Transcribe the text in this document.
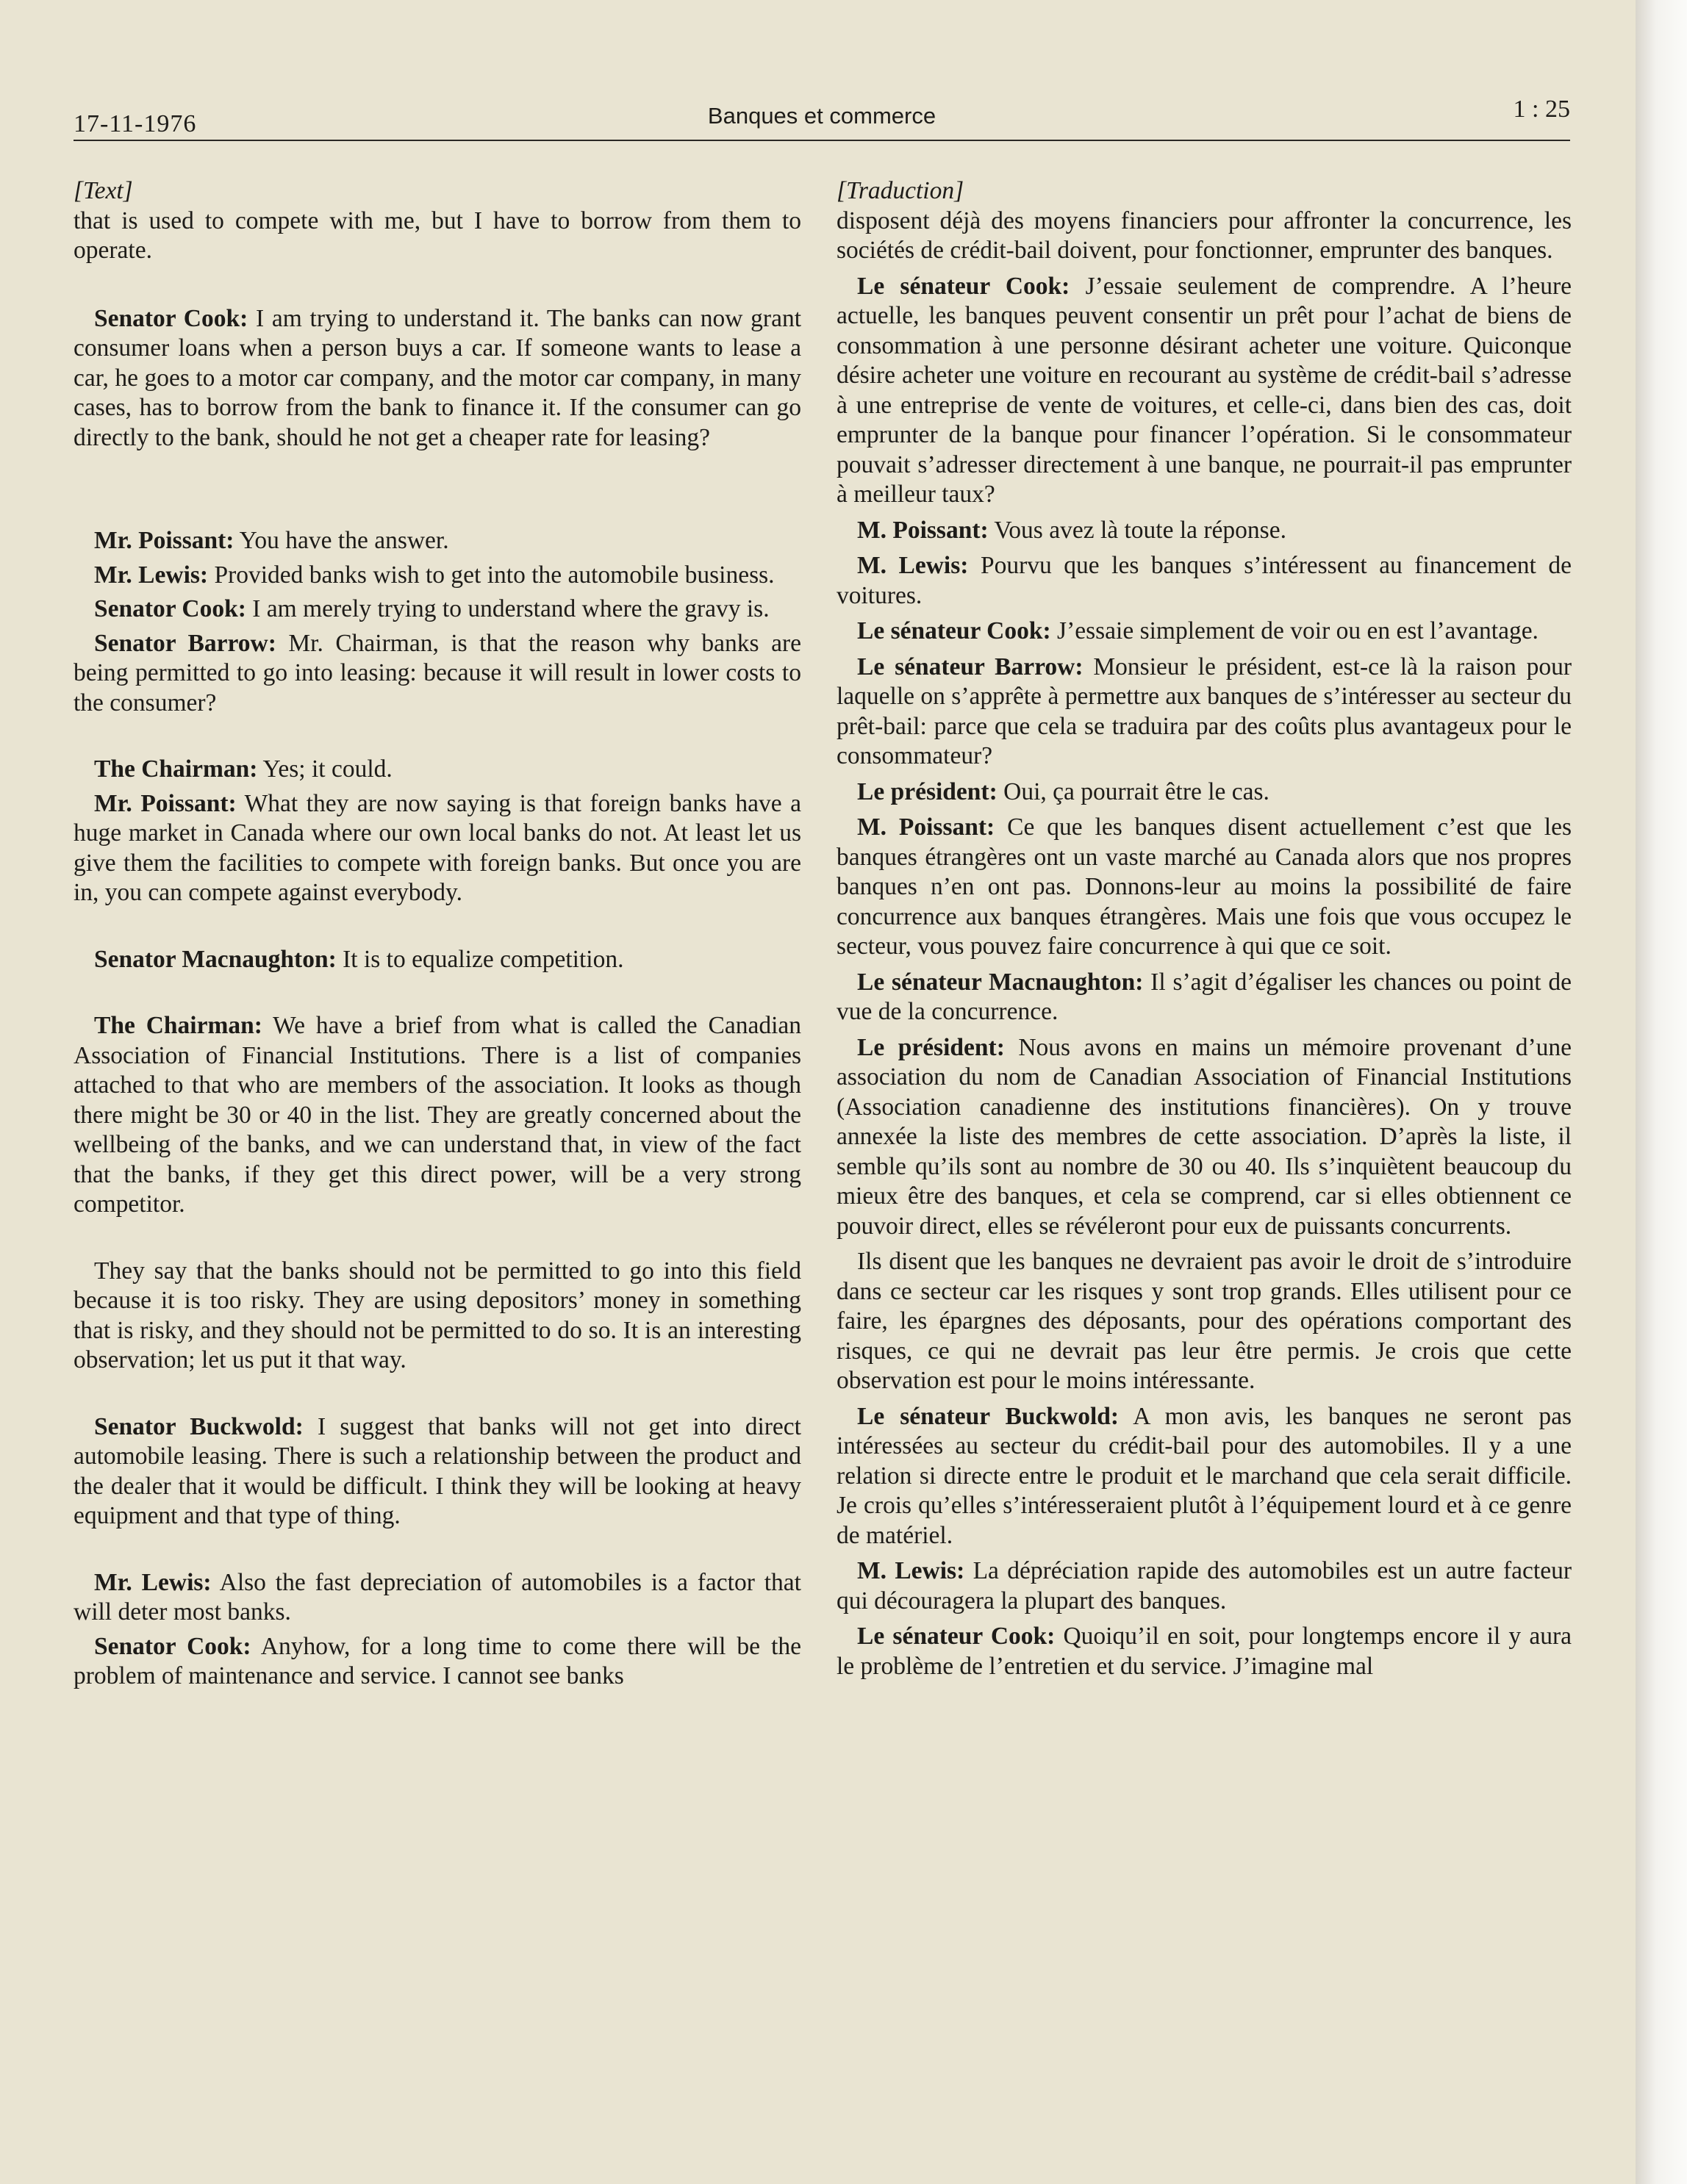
17-11-1976	Banques et commerce	1 : 25
[Text]

that is used to compete with me, but I have to borrow from them to operate.

Senator Cook: I am trying to understand it. The banks can now grant consumer loans when a person buys a car. If someone wants to lease a car, he goes to a motor car company, and the motor car company, in many cases, has to borrow from the bank to finance it. If the consumer can go directly to the bank, should he not get a cheaper rate for leasing?

Mr. Poissant: You have the answer.

Mr. Lewis: Provided banks wish to get into the automobile business.

Senator Cook: I am merely trying to understand where the gravy is.

Senator Barrow: Mr. Chairman, is that the reason why banks are being permitted to go into leasing: because it will result in lower costs to the consumer?

The Chairman: Yes; it could.

Mr. Poissant: What they are now saying is that foreign banks have a huge market in Canada where our own local banks do not. At least let us give them the facilities to compete with foreign banks. But once you are in, you can compete against everybody.

Senator Macnaughton: It is to equalize competition.

The Chairman: We have a brief from what is called the Canadian Association of Financial Institutions. There is a list of companies attached to that who are members of the association. It looks as though there might be 30 or 40 in the list. They are greatly concerned about the wellbeing of the banks, and we can understand that, in view of the fact that the banks, if they get this direct power, will be a very strong competitor.

They say that the banks should not be permitted to go into this field because it is too risky. They are using depositors’ money in something that is risky, and they should not be permitted to do so. It is an interesting observation; let us put it that way.

Senator Buckwold: I suggest that banks will not get into direct automobile leasing. There is such a relationship between the product and the dealer that it would be difficult. I think they will be looking at heavy equipment and that type of thing.

Mr. Lewis: Also the fast depreciation of automobiles is a factor that will deter most banks.

Senator Cook: Anyhow, for a long time to come there will be the problem of maintenance and service. I cannot see banks

[Traduction]

disposent déjà des moyens financiers pour affronter la concurrence, les sociétés de crédit-bail doivent, pour fonctionner, emprunter des banques.

Le sénateur Cook: J’essaie seulement de comprendre. A l’heure actuelle, les banques peuvent consentir un prêt pour l’achat de biens de consommation à une personne désirant acheter une voiture. Quiconque désire acheter une voiture en recourant au système de crédit-bail s’adresse à une entreprise de vente de voitures, et celle-ci, dans bien des cas, doit emprunter de la banque pour financer l’opération. Si le consommateur pouvait s’adresser directement à une banque, ne pourrait-il pas emprunter à meilleur taux?

M. Poissant: Vous avez là toute la réponse.

M. Lewis: Pourvu que les banques s’intéressent au financement de voitures.

Le sénateur Cook: J’essaie simplement de voir ou en est l’avantage.

Le sénateur Barrow: Monsieur le président, est-ce là la raison pour laquelle on s’apprête à permettre aux banques de s’intéresser au secteur du prêt-bail: parce que cela se traduira par des coûts plus avantageux pour le consommateur?

Le président: Oui, ça pourrait être le cas.

M. Poissant: Ce que les banques disent actuellement c’est que les banques étrangères ont un vaste marché au Canada alors que nos propres banques n’en ont pas. Donnons-leur au moins la possibilité de faire concurrence aux banques étrangères. Mais une fois que vous occupez le secteur, vous pouvez faire concurrence à qui que ce soit.

Le sénateur Macnaughton: Il s’agit d’égaliser les chances ou point de vue de la concurrence.

Le président: Nous avons en mains un mémoire provenant d’une association du nom de Canadian Association of Financial Institutions (Association canadienne des institutions financières). On y trouve annexée la liste des membres de cette association. D’après la liste, il semble qu’ils sont au nombre de 30 ou 40. Ils s’inquiètent beaucoup du mieux être des banques, et cela se comprend, car si elles obtiennent ce pouvoir direct, elles se révéleront pour eux de puissants concurrents.

Ils disent que les banques ne devraient pas avoir le droit de s’introduire dans ce secteur car les risques y sont trop grands. Elles utilisent pour ce faire, les épargnes des déposants, pour des opérations comportant des risques, ce qui ne devrait pas leur être permis. Je crois que cette observation est pour le moins intéressante.

Le sénateur Buckwold: A mon avis, les banques ne seront pas intéressées au secteur du crédit-bail pour des automobiles. Il y a une relation si directe entre le produit et le marchand que cela serait difficile. Je crois qu’elles s’intéresseraient plutôt à l’équipement lourd et à ce genre de matériel.

M. Lewis: La dépréciation rapide des automobiles est un autre facteur qui découragera la plupart des banques.

Le sénateur Cook: Quoiqu’il en soit, pour longtemps encore il y aura le problème de l’entretien et du service. J’imagine mal
